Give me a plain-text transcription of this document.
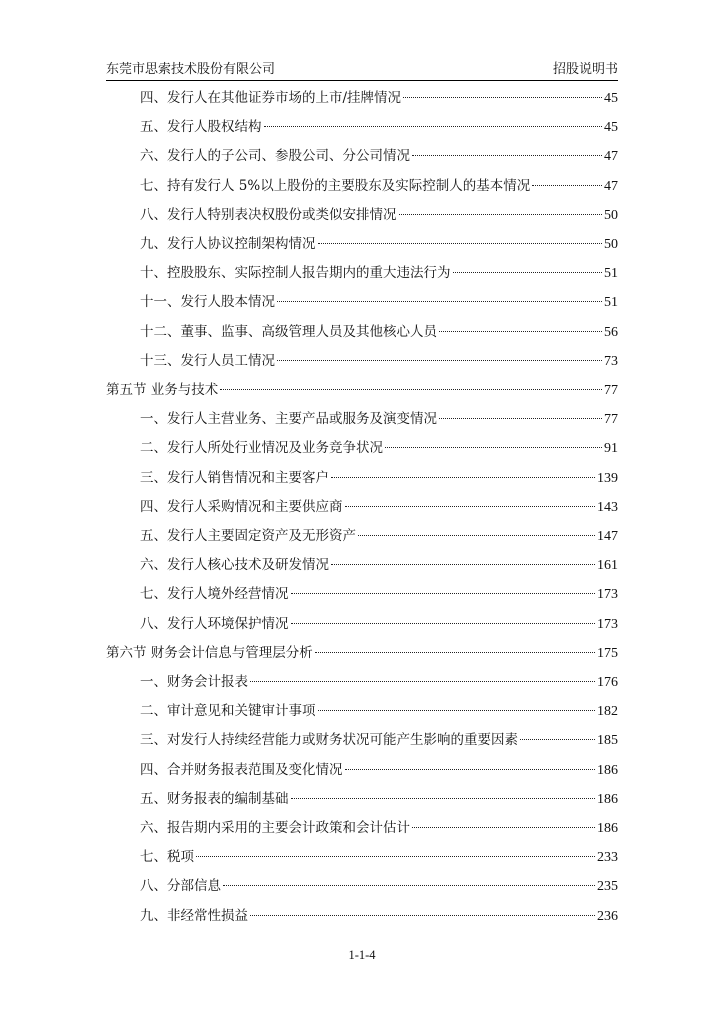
东莞市思索技术股份有限公司	招股说明书
四、发行人在其他证券市场的上市/挂牌情况	45
五、发行人股权结构	45
六、发行人的子公司、参股公司、分公司情况	47
七、持有发行人 5%以上股份的主要股东及实际控制人的基本情况	47
八、发行人特别表决权股份或类似安排情况	50
九、发行人协议控制架构情况	50
十、控股股东、实际控制人报告期内的重大违法行为	51
十一、发行人股本情况	51
十二、董事、监事、高级管理人员及其他核心人员	56
十三、发行人员工情况	73
第五节 业务与技术	77
一、发行人主营业务、主要产品或服务及演变情况	77
二、发行人所处行业情况及业务竞争状况	91
三、发行人销售情况和主要客户	139
四、发行人采购情况和主要供应商	143
五、发行人主要固定资产及无形资产	147
六、发行人核心技术及研发情况	161
七、发行人境外经营情况	173
八、发行人环境保护情况	173
第六节 财务会计信息与管理层分析	175
一、财务会计报表	176
二、审计意见和关键审计事项	182
三、对发行人持续经营能力或财务状况可能产生影响的重要因素	185
四、合并财务报表范围及变化情况	186
五、财务报表的编制基础	186
六、报告期内采用的主要会计政策和会计估计	186
七、税项	233
八、分部信息	235
九、非经常性损益	236
1-1-4
